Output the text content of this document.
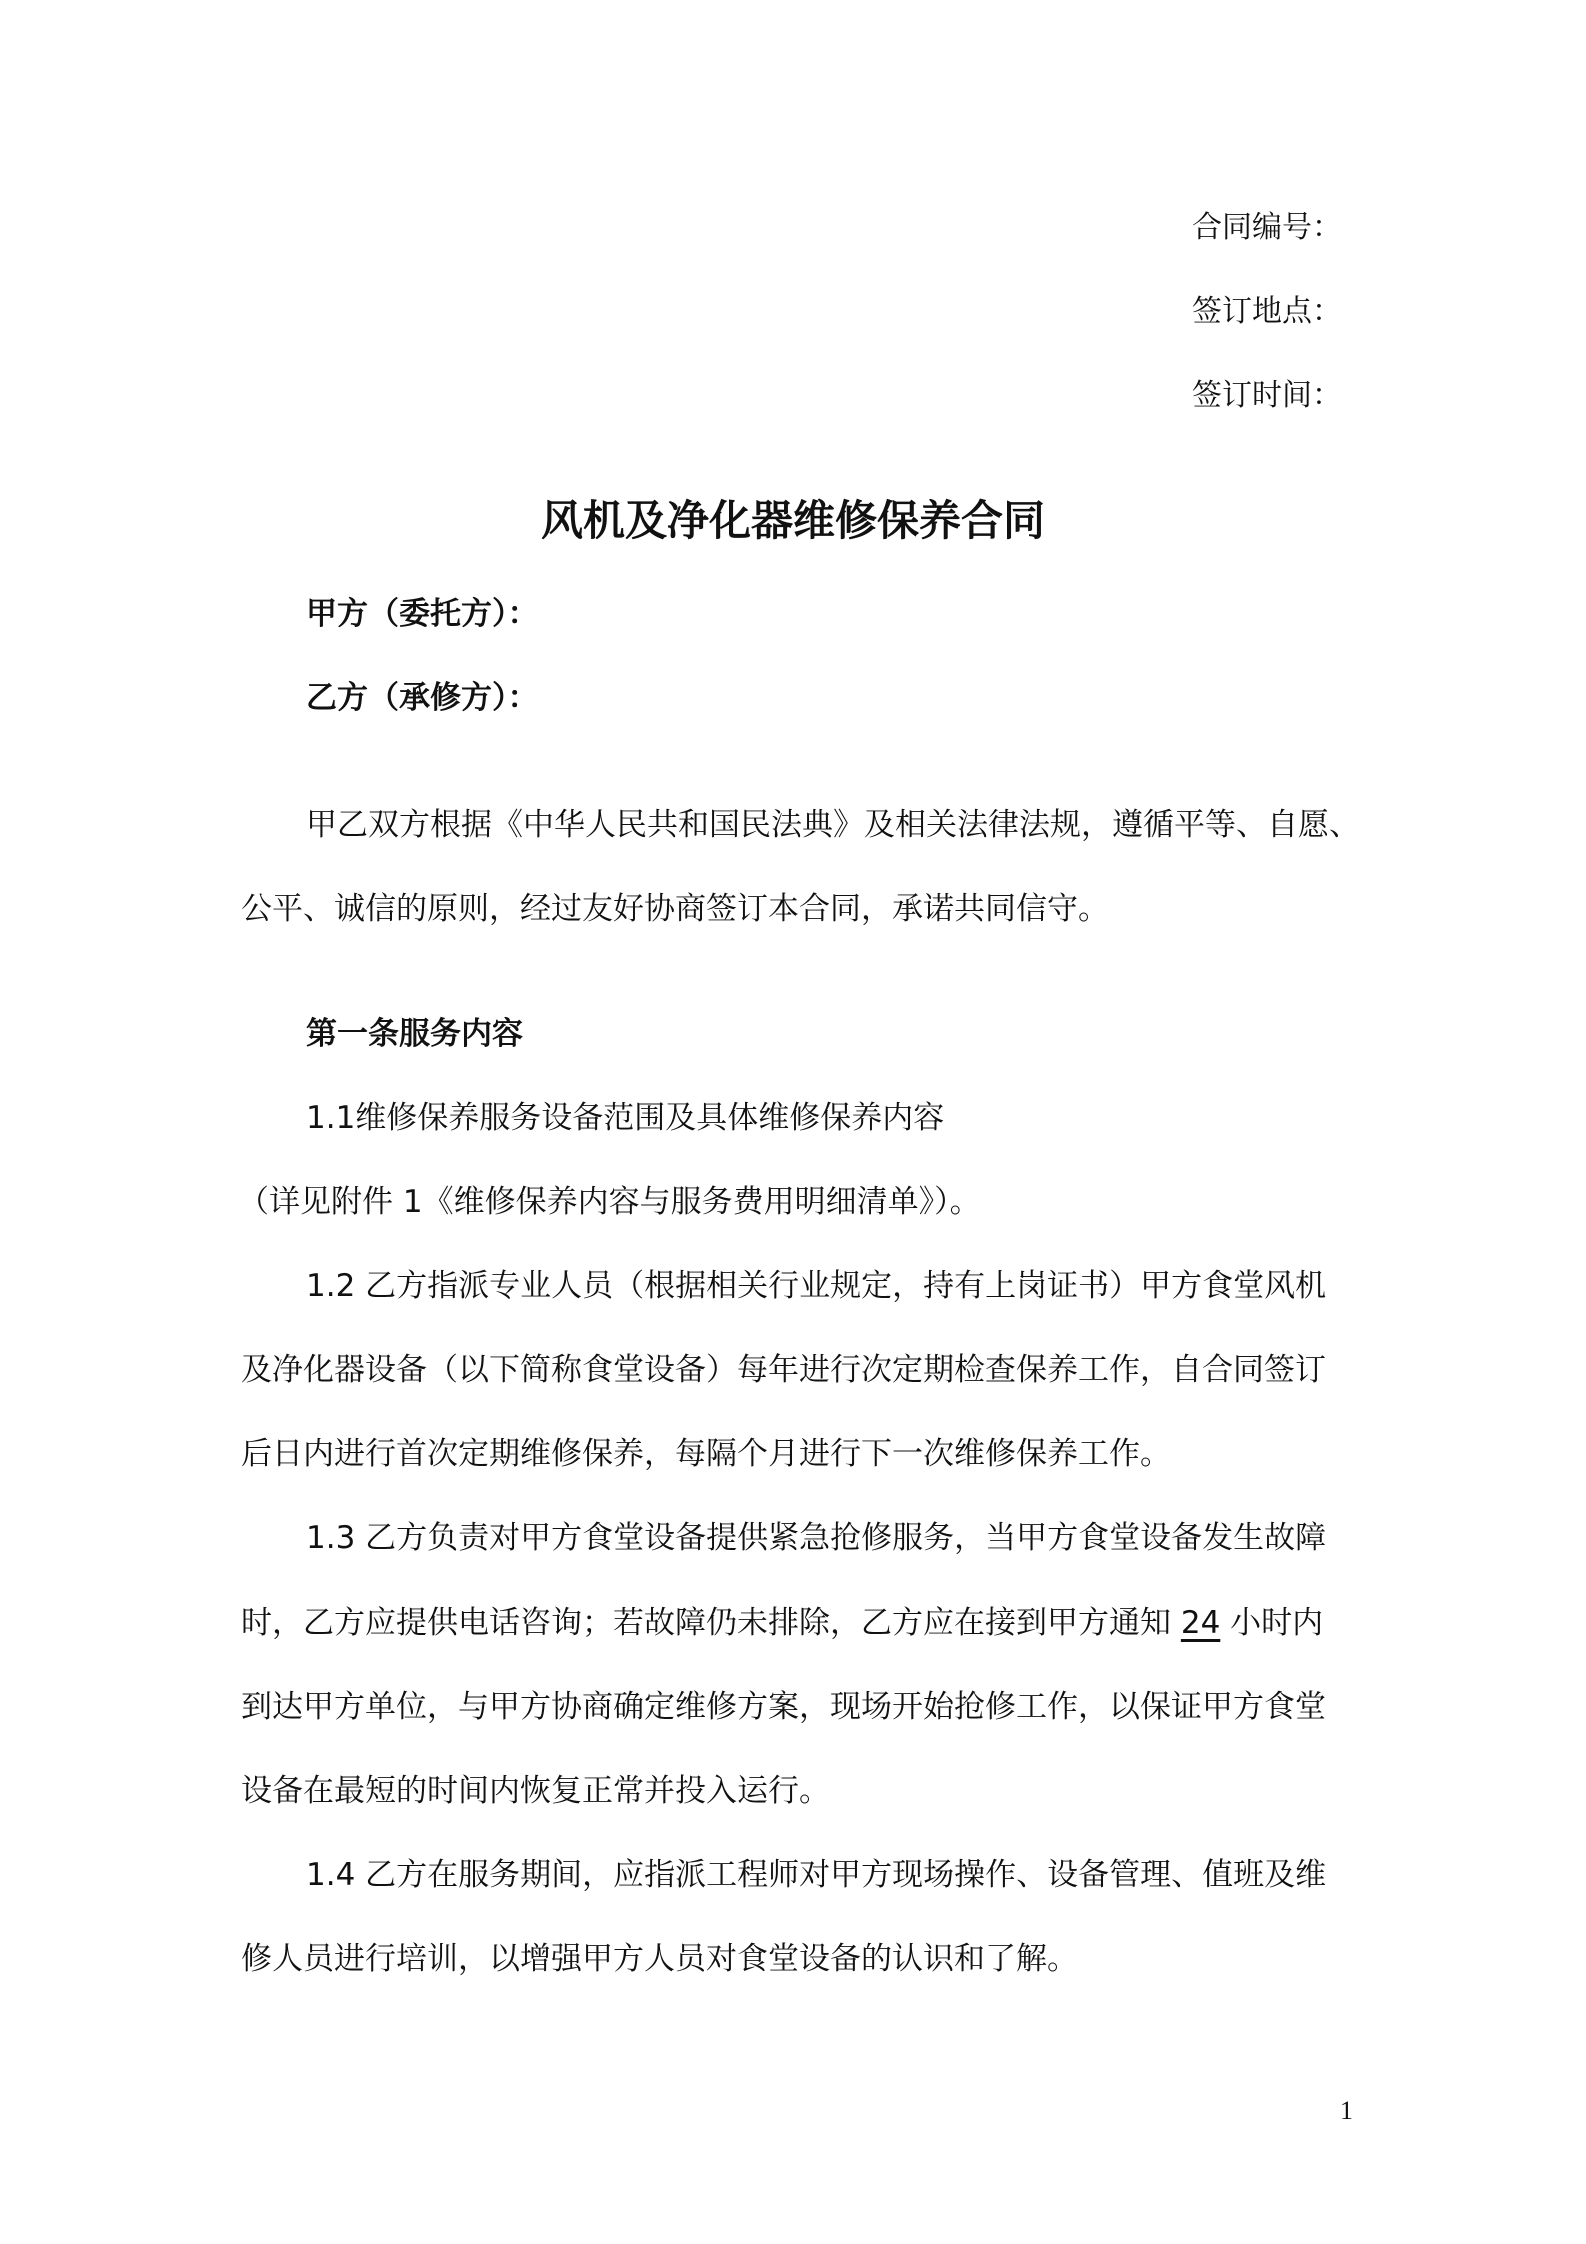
合同编号：
签订地点：
签订时间：
风机及净化器维修保养合同
甲方（委托方）：
乙方（承修方）：
甲乙双方根据《中华人民共和国民法典》及相关法律法规，遵循平等、自愿、
公平、诚信的原则，经过友好协商签订本合同，承诺共同信守。
第一条服务内容
1.1维修保养服务设备范围及具体维修保养内容
（详见附件 1《维修保养内容与服务费用明细清单》）。
1.2 乙方指派专业人员（根据相关行业规定，持有上岗证书）甲方食堂风机
及净化器设备（以下简称食堂设备）每年进行次定期检查保养工作，自合同签订
后日内进行首次定期维修保养，每隔个月进行下一次维修保养工作。
1.3 乙方负责对甲方食堂设备提供紧急抢修服务，当甲方食堂设备发生故障
时，乙方应提供电话咨询；若故障仍未排除，乙方应在接到甲方通知 24 小时内
到达甲方单位，与甲方协商确定维修方案，现场开始抢修工作，以保证甲方食堂
设备在最短的时间内恢复正常并投入运行。
1.4 乙方在服务期间，应指派工程师对甲方现场操作、设备管理、值班及维
修人员进行培训，以增强甲方人员对食堂设备的认识和了解。
1
